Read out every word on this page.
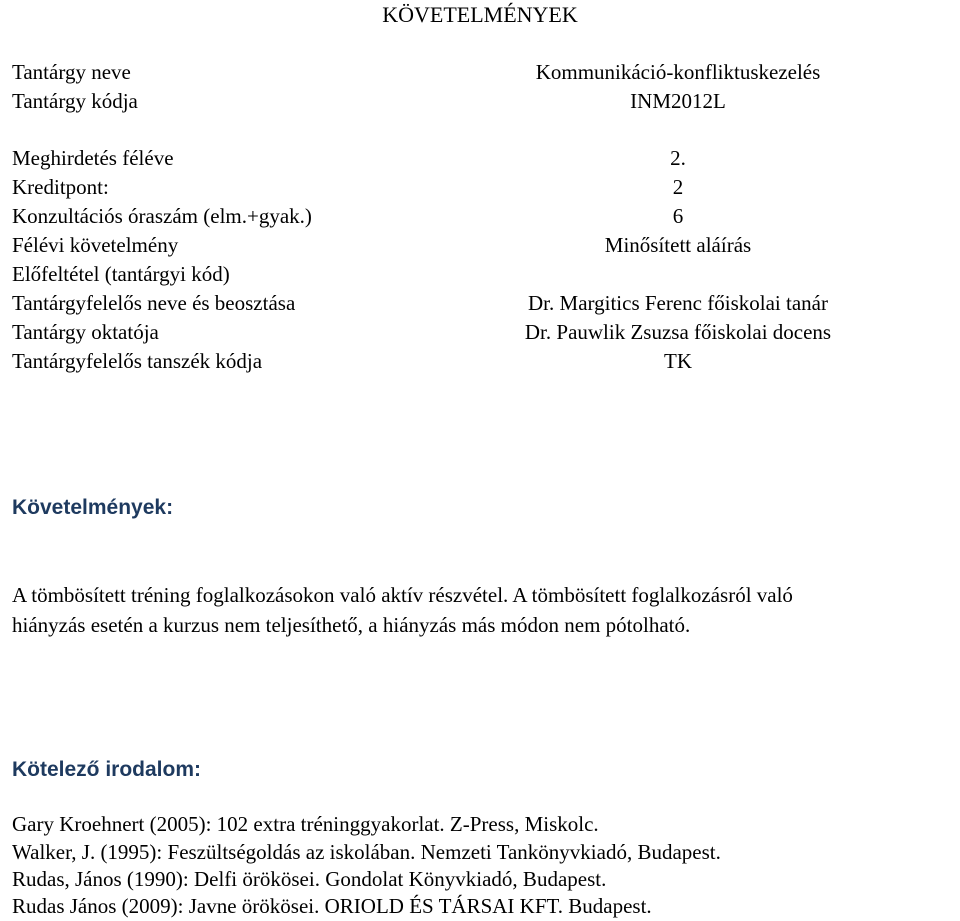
KÖVETELMÉNYEK
Tantárgy neve	Kommunikáció-konfliktuskezelés
Tantárgy kódja	INM2012L
Meghirdetés féléve	2.
Kreditpont:	2
Konzultációs óraszám (elm.+gyak.)	6
Félévi követelmény	Minősített aláírás
Előfeltétel (tantárgyi kód)
Tantárgyfelelős neve és beosztása	Dr. Margitics Ferenc főiskolai tanár
Tantárgy oktatója	Dr. Pauwlik Zsuzsa főiskolai docens
Tantárgyfelelős tanszék kódja	TK
Követelmények:
A tömbösített tréning foglalkozásokon való aktív részvétel. A tömbösített foglalkozásról való
hiányzás esetén a kurzus nem teljesíthető, a hiányzás más módon nem pótolható.
Kötelező irodalom:
Gary Kroehnert (2005): 102 extra tréninggyakorlat. Z-Press, Miskolc.
Walker, J. (1995): Feszültségoldás az iskolában. Nemzeti Tankönyvkiadó, Budapest.
Rudas, János (1990): Delfi örökösei. Gondolat Könyvkiadó, Budapest.
Rudas János (2009): Javne örökösei. ORIOLD ÉS TÁRSAI KFT. Budapest.
